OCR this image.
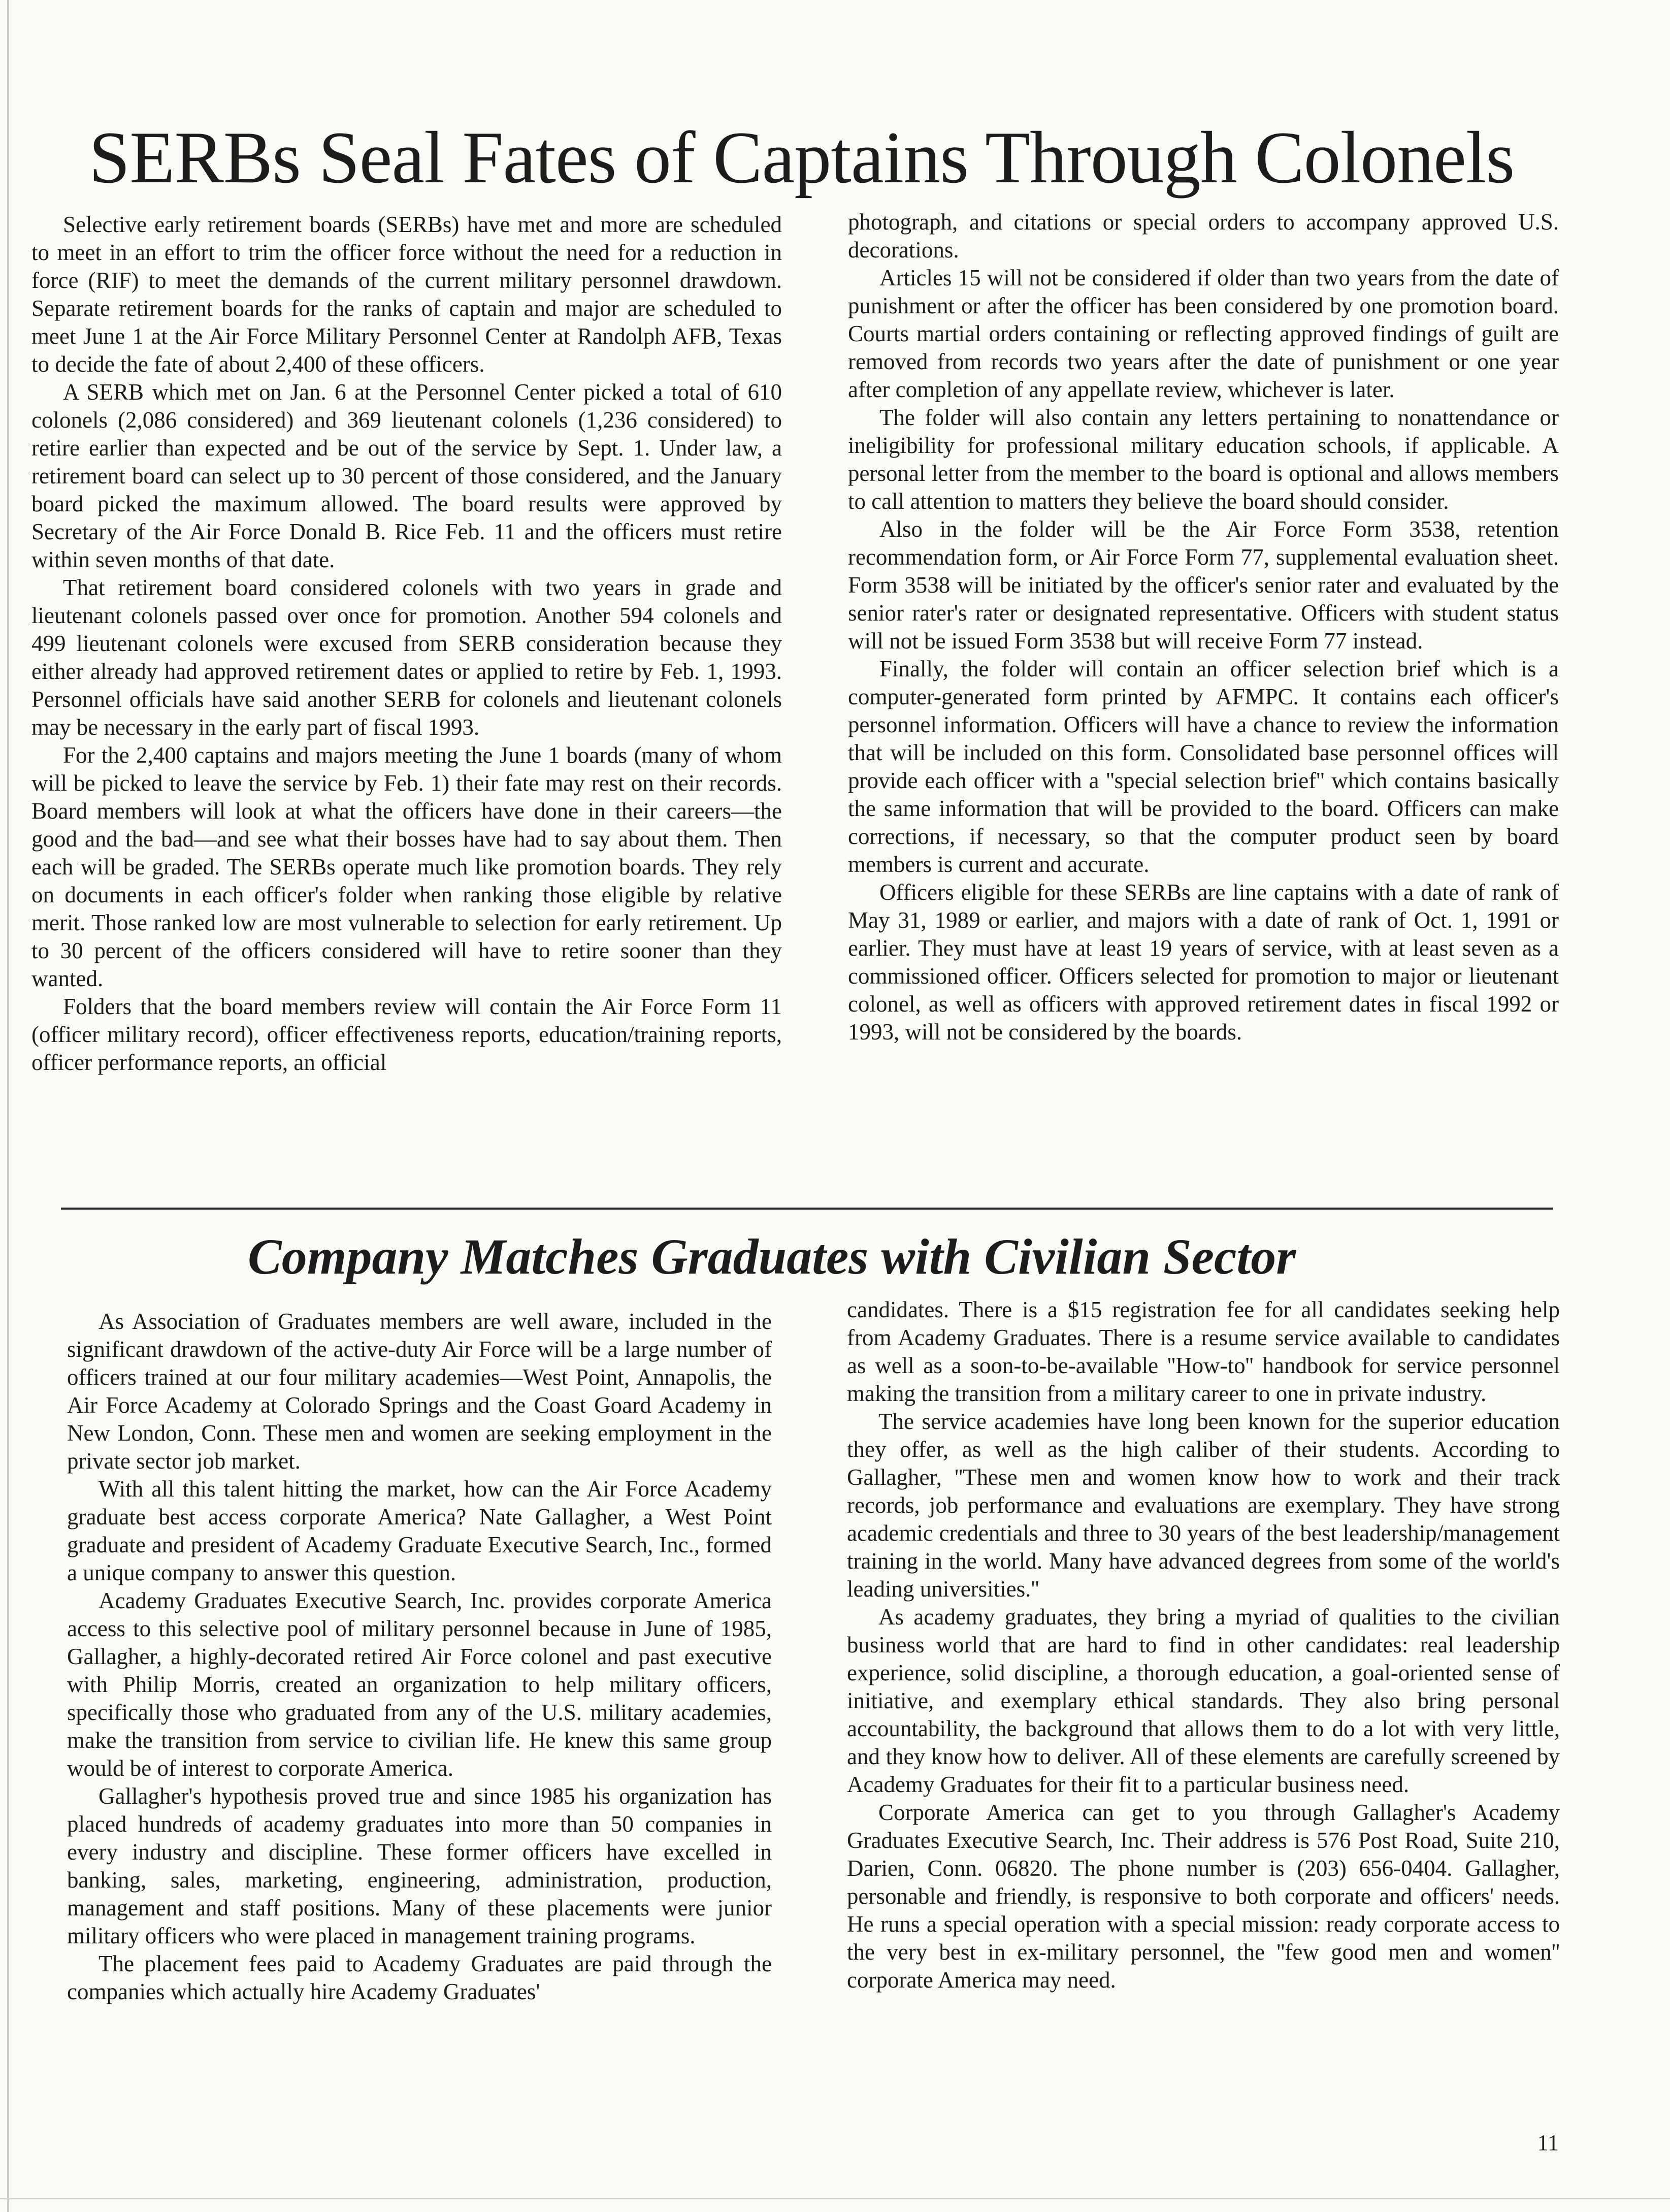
SERBs Seal Fates of Captains Through Colonels

Selective early retirement boards (SERBs) have met and more are scheduled to meet in an effort to trim the officer force without the need for a reduction in force (RIF) to meet the demands of the current military personnel drawdown. Separate retirement boards for the ranks of captain and major are scheduled to meet June 1 at the Air Force Military Personnel Center at Randolph AFB, Texas to decide the fate of about 2,400 of these officers.

A SERB which met on Jan. 6 at the Personnel Center picked a total of 610 colonels (2,086 considered) and 369 lieutenant colonels (1,236 considered) to retire earlier than expected and be out of the service by Sept. 1. Under law, a retirement board can select up to 30 percent of those considered, and the January board picked the maximum allowed. The board results were approved by Secretary of the Air Force Donald B. Rice Feb. 11 and the officers must retire within seven months of that date.

That retirement board considered colonels with two years in grade and lieutenant colonels passed over once for promotion. Another 594 colonels and 499 lieutenant colonels were excused from SERB consideration because they either already had approved retirement dates or applied to retire by Feb. 1, 1993. Personnel officials have said another SERB for colonels and lieutenant colonels may be necessary in the early part of fiscal 1993.

For the 2,400 captains and majors meeting the June 1 boards (many of whom will be picked to leave the service by Feb. 1) their fate may rest on their records. Board members will look at what the officers have done in their careers—the good and the bad—and see what their bosses have had to say about them. Then each will be graded. The SERBs operate much like promotion boards. They rely on documents in each officer's folder when ranking those eligible by relative merit. Those ranked low are most vulnerable to selection for early retirement. Up to 30 percent of the officers considered will have to retire sooner than they wanted.

Folders that the board members review will contain the Air Force Form 11 (officer military record), officer effectiveness reports, education/training reports, officer performance reports, an official

photograph, and citations or special orders to accompany approved U.S. decorations.

Articles 15 will not be considered if older than two years from the date of punishment or after the officer has been considered by one promotion board. Courts martial orders containing or reflecting approved findings of guilt are removed from records two years after the date of punishment or one year after completion of any appellate review, whichever is later.

The folder will also contain any letters pertaining to nonattendance or ineligibility for professional military education schools, if applicable. A personal letter from the member to the board is optional and allows members to call attention to matters they believe the board should consider.

Also in the folder will be the Air Force Form 3538, retention recommendation form, or Air Force Form 77, supplemental evaluation sheet. Form 3538 will be initiated by the officer's senior rater and evaluated by the senior rater's rater or designated representative. Officers with student status will not be issued Form 3538 but will receive Form 77 instead.

Finally, the folder will contain an officer selection brief which is a computer-generated form printed by AFMPC. It contains each officer's personnel information. Officers will have a chance to review the information that will be included on this form. Consolidated base personnel offices will provide each officer with a ''special selection brief'' which contains basically the same information that will be provided to the board. Officers can make corrections, if necessary, so that the computer product seen by board members is current and accurate.

Officers eligible for these SERBs are line captains with a date of rank of May 31, 1989 or earlier, and majors with a date of rank of Oct. 1, 1991 or earlier. They must have at least 19 years of service, with at least seven as a commissioned officer. Officers selected for promotion to major or lieutenant colonel, as well as officers with approved retirement dates in fiscal 1992 or 1993, will not be considered by the boards.

Company Matches Graduates with Civilian Sector

As Association of Graduates members are well aware, included in the significant drawdown of the active-duty Air Force will be a large number of officers trained at our four military academies—West Point, Annapolis, the Air Force Academy at Colorado Springs and the Coast Goard Academy in New London, Conn. These men and women are seeking employment in the private sector job market.

With all this talent hitting the market, how can the Air Force Academy graduate best access corporate America? Nate Gallagher, a West Point graduate and president of Academy Graduate Executive Search, Inc., formed a unique company to answer this question.

Academy Graduates Executive Search, Inc. provides corporate America access to this selective pool of military personnel because in June of 1985, Gallagher, a highly-decorated retired Air Force colonel and past executive with Philip Morris, created an organization to help military officers, specifically those who graduated from any of the U.S. military academies, make the transition from service to civilian life. He knew this same group would be of interest to corporate America.

Gallagher's hypothesis proved true and since 1985 his organization has placed hundreds of academy graduates into more than 50 companies in every industry and discipline. These former officers have excelled in banking, sales, marketing, engineering, administration, production, management and staff positions. Many of these placements were junior military officers who were placed in management training programs.

The placement fees paid to Academy Graduates are paid through the companies which actually hire Academy Graduates'

candidates. There is a $15 registration fee for all candidates seeking help from Academy Graduates. There is a resume service available to candidates as well as a soon-to-be-available ''How-to'' handbook for service personnel making the transition from a military career to one in private industry.

The service academies have long been known for the superior education they offer, as well as the high caliber of their students. According to Gallagher, ''These men and women know how to work and their track records, job performance and evaluations are exemplary. They have strong academic credentials and three to 30 years of the best leadership/management training in the world. Many have advanced degrees from some of the world's leading universities.''

As academy graduates, they bring a myriad of qualities to the civilian business world that are hard to find in other candidates: real leadership experience, solid discipline, a thorough education, a goal-oriented sense of initiative, and exemplary ethical standards. They also bring personal accountability, the background that allows them to do a lot with very little, and they know how to deliver. All of these elements are carefully screened by Academy Graduates for their fit to a particular business need.

Corporate America can get to you through Gallagher's Academy Graduates Executive Search, Inc. Their address is 576 Post Road, Suite 210, Darien, Conn. 06820. The phone number is (203) 656-0404. Gallagher, personable and friendly, is responsive to both corporate and officers' needs. He runs a special operation with a special mission: ready corporate access to the very best in ex-military personnel, the ''few good men and women'' corporate America may need.

11
